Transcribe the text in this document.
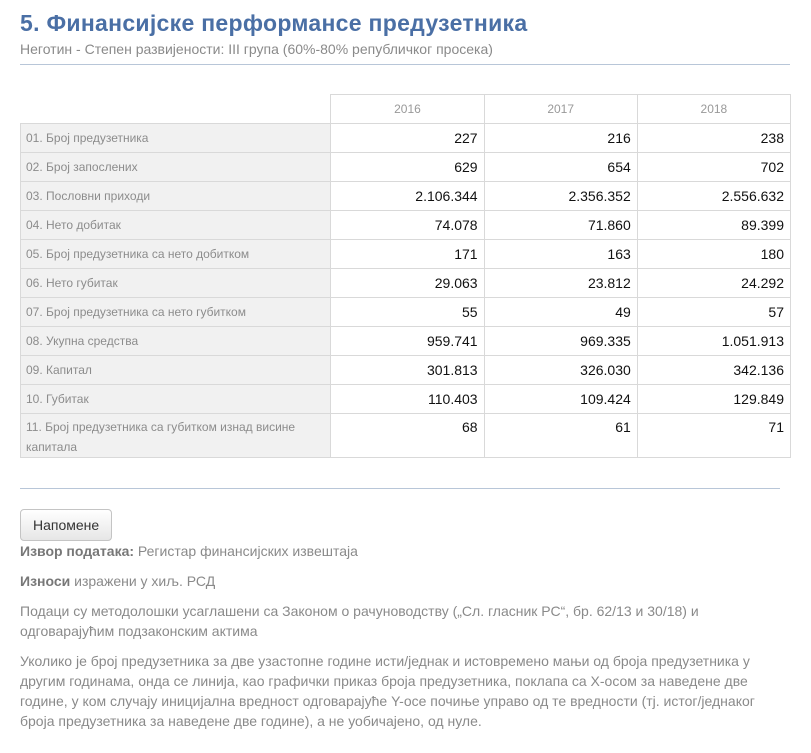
5. Финансијске перформансе предузетника
Неготин - Степен развијености: III група (60%-80% републичког просека)
	2016	2017	2018
01. Број предузетника	227	216	238
02. Број запослених	629	654	702
03. Пословни приходи	2.106.344	2.356.352	2.556.632
04. Нето добитак	74.078	71.860	89.399
05. Број предузетника са нето добитком	171	163	180
06. Нето губитак	29.063	23.812	24.292
07. Број предузетника са нето губитком	55	49	57
08. Укупна средства	959.741	969.335	1.051.913
09. Капитал	301.813	326.030	342.136
10. Губитак	110.403	109.424	129.849
11. Број предузетника са губитком изнад висине капитала	68	61	71
Напомене

Извор података: Регистар финансијских извештаја

Износи изражени у хиљ. РСД

Подаци су методолошки усаглашени са Законом о рачуноводству („Сл. гласник РС“, бр. 62/13 и 30/18) и одговарајућим подзаконским актима

Уколико је број предузетника за две узастопне године исти/једнак и истовремено мањи од броја предузетника у другим годинама, онда се линија, као графички приказ броја предузетника, поклапа са X-осом за наведене две године, у ком случају иницијална вредност одговарајуће Y-осе почиње управо од те вредности (тј. истог/једнаког броја предузетника за наведене две године), а не уобичајено, од нуле.
